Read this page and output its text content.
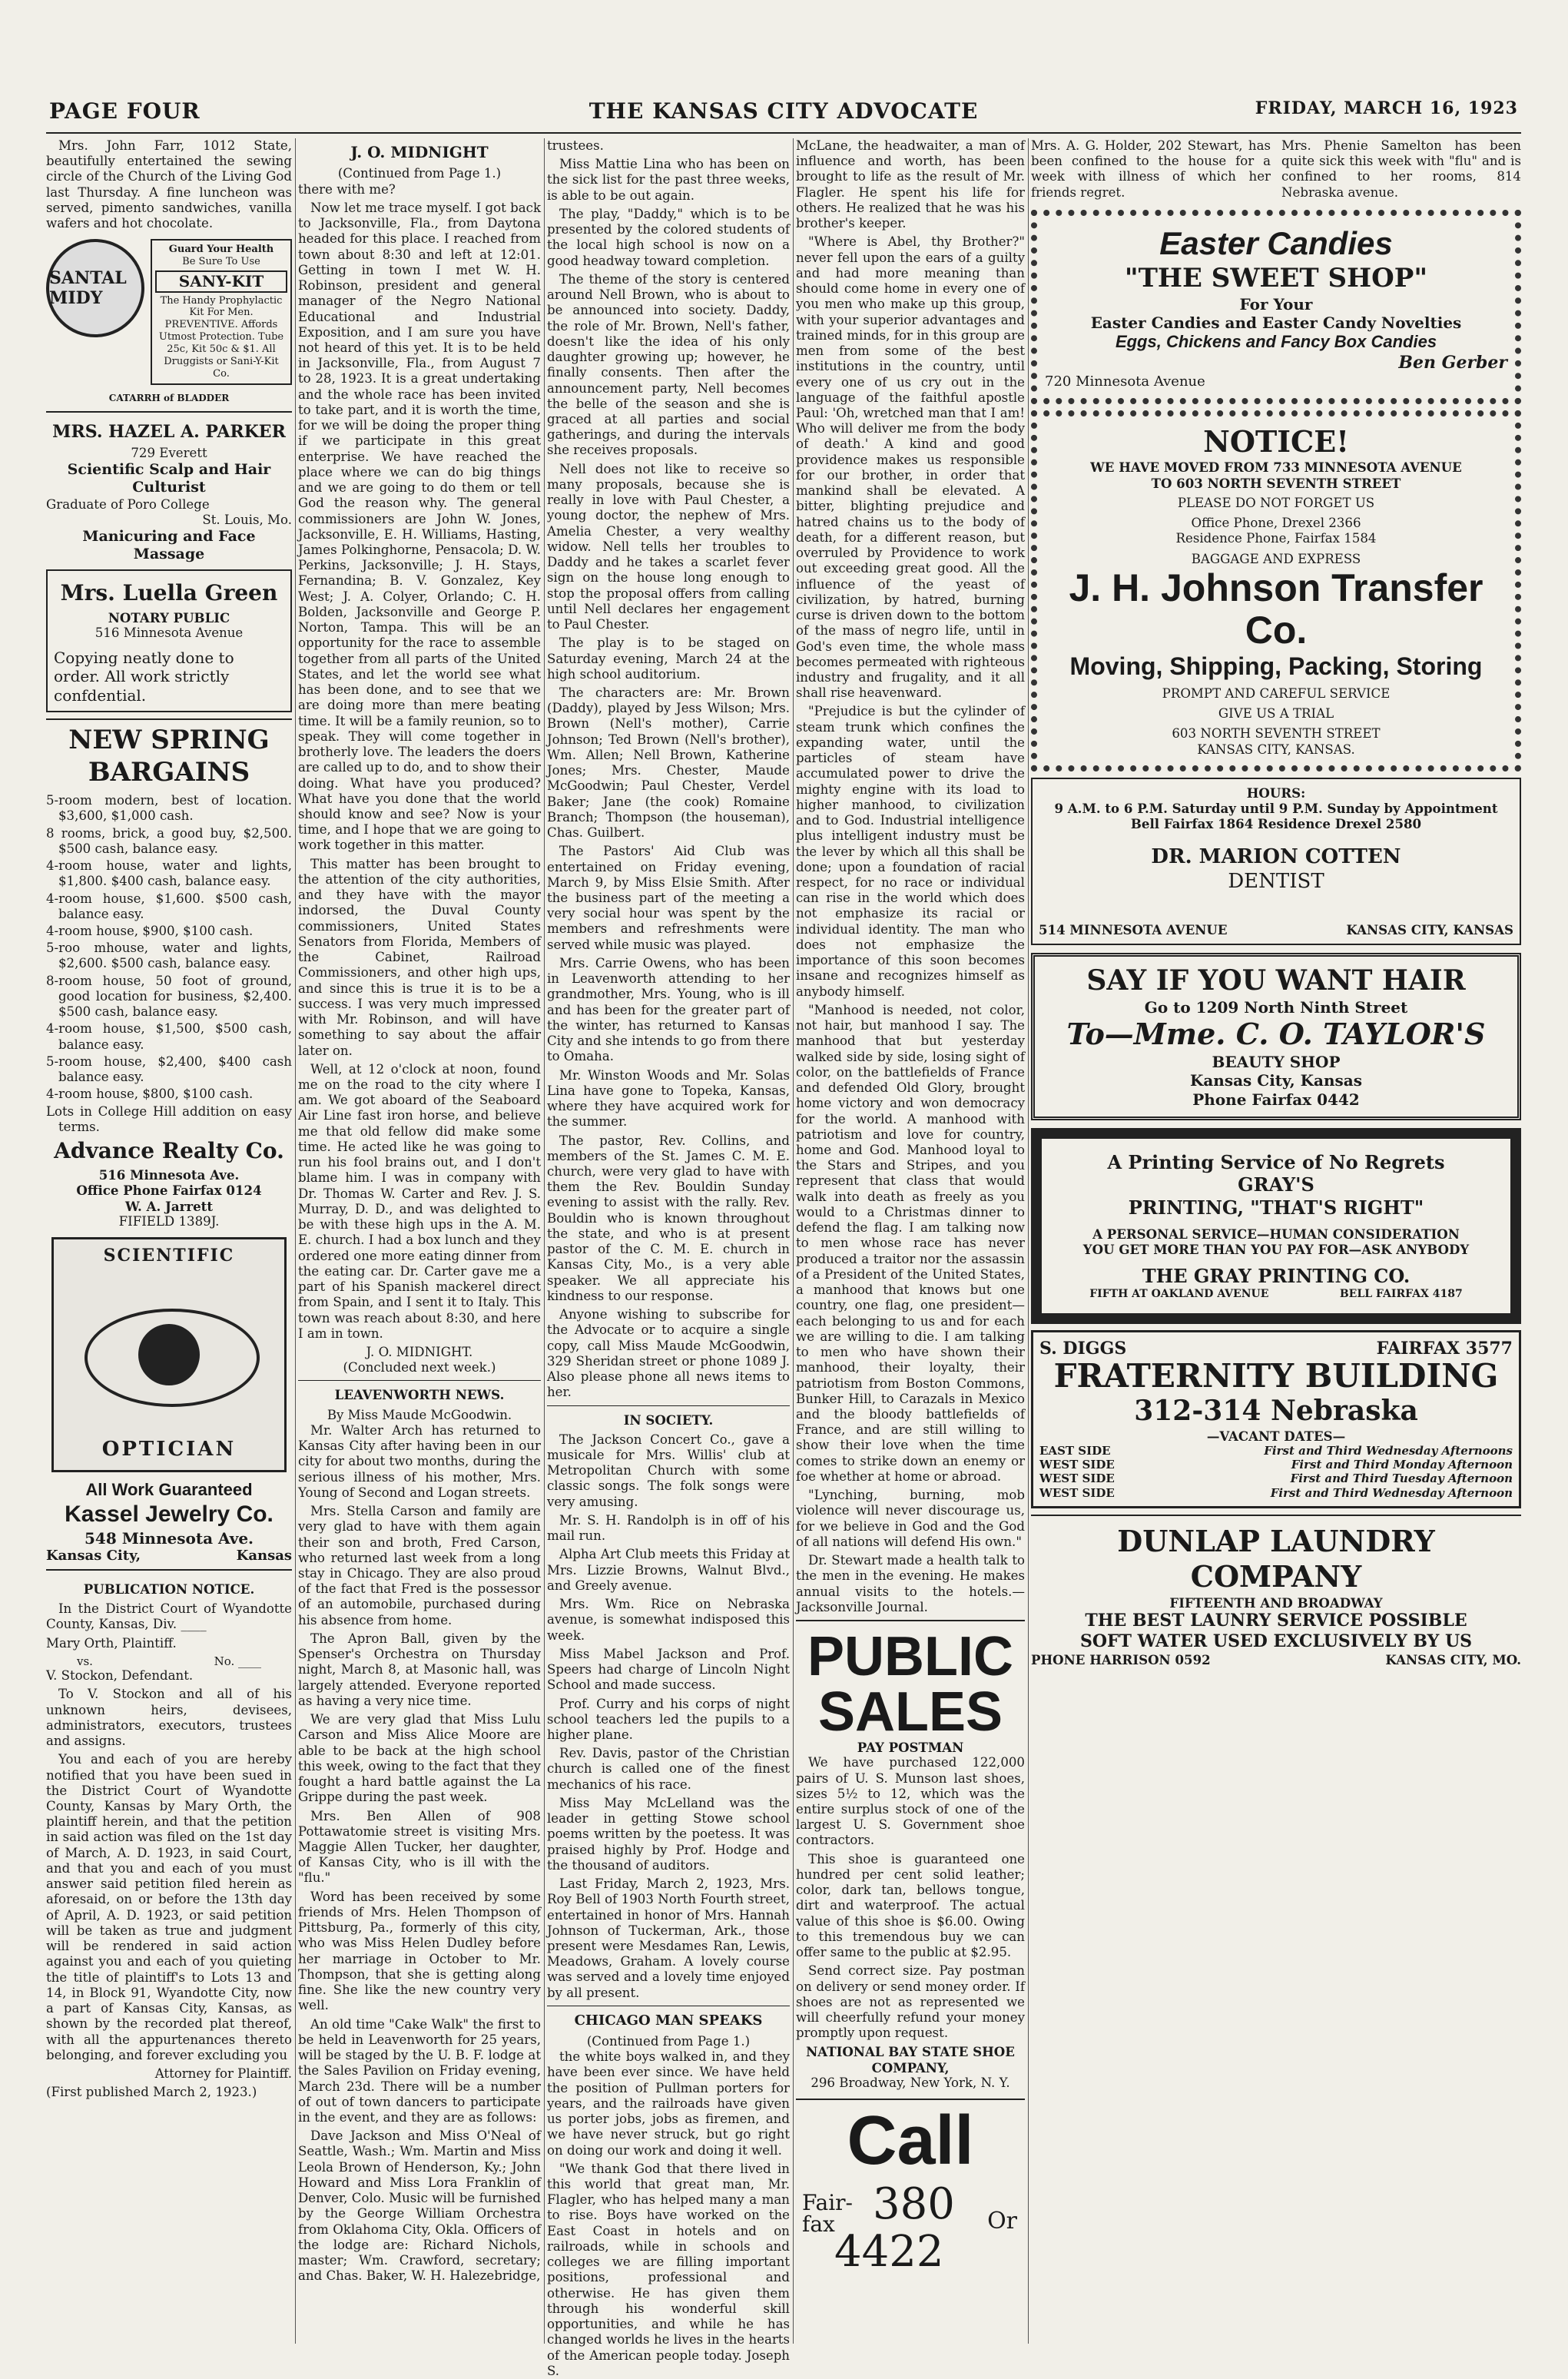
PAGE FOUR	THE KANSAS CITY ADVOCATE	FRIDAY, MARCH 16, 1923

Mrs. John Farr, 1012 State, beautifully entertained the sewing circle of the Church of the Living God last Thursday. A fine luncheon was served, pimento sandwiches, vanilla wafers and hot chocolate.

SANTAL MIDY
Guard Your Health
Be Sure To Use
SANY-KIT
The Handy Prophylactic Kit For Men. PREVENTIVE. Affords Utmost Protection. Tube 25c, Kit 50c & $1. All Druggists or Sani-Y-Kit Co.
CATARRH of BLADDER
MRS. HAZEL A. PARKER
729 Everett
Scientific Scalp and Hair Culturist
Graduate of Poro College
St. Louis, Mo.
Manicuring and Face Massage
Mrs. Luella Green
NOTARY PUBLIC
516 Minnesota Avenue
Copying neatly done to order. All work strictly confdential.
NEW SPRING BARGAINS

5-room modern, best of location. $3,600, $1,000 cash.

8 rooms, brick, a good buy, $2,500. $500 cash, balance easy.

4-room house, water and lights, $1,800. $400 cash, balance easy.

4-room house, $1,600. $500 cash, balance easy.

4-room house, $900, $100 cash.

5-roo mhouse, water and lights, $2,600. $500 cash, balance easy.

8-room house, 50 foot of ground, good location for business, $2,400. $500 cash, balance easy.

4-room house, $1,500, $500 cash, balance easy.

5-room house, $2,400, $400 cash balance easy.

4-room house, $800, $100 cash.

Lots in College Hill addition on easy terms.

Advance Realty Co.
516 Minnesota Ave.
Office Phone Fairfax 0124
W. A. Jarrett
FIFIELD 1389J.
SCIENTIFIC
OPTICIAN
All Work Guaranteed
Kassel Jewelry Co.
548 Minnesota Ave.
Kansas City,	Kansas
PUBLICATION NOTICE.

In the District Court of Wyandotte County, Kansas, Div. ____

Mary Orth, Plaintiff.

vs.	No. ____

V. Stockon, Defendant.

To V. Stockon and all of his unknown heirs, devisees, administrators, executors, trustees and assigns.

You and each of you are hereby notified that you have been sued in the District Court of Wyandotte County, Kansas by Mary Orth, the plaintiff herein, and that the petition in said action was filed on the 1st day of March, A. D. 1923, in said Court, and that you and each of you must answer said petition filed herein as aforesaid, on or before the 13th day of April, A. D. 1923, or said petition will be taken as true and judgment will be rendered in said action against you and each of you quieting the title of plaintiff's to Lots 13 and 14, in Block 91, Wyandotte City, now a part of Kansas City, Kansas, as shown by the recorded plat thereof, with all the appurtenances thereto belonging, and forever excluding you

Attorney for Plaintiff.

(First published March 2, 1923.)

J. O. MIDNIGHT
(Continued from Page 1.)

there with me?

Now let me trace myself. I got back to Jacksonville, Fla., from Daytona headed for this place. I reached from town about 8:30 and left at 12:01. Getting in town I met W. H. Robinson, president and general manager of the Negro National Educational and Industrial Exposition, and I am sure you have not heard of this yet. It is to be held in Jacksonville, Fla., from August 7 to 28, 1923. It is a great undertaking and the whole race has been invited to take part, and it is worth the time, for we will be doing the proper thing if we participate in this great enterprise. We have reached the place where we can do big things and we are going to do them or tell God the reason why. The general commissioners are John W. Jones, Jacksonville, E. H. Williams, Hasting, James Polkinghorne, Pensacola; D. W. Perkins, Jacksonville; J. H. Stays, Fernandina; B. V. Gonzalez, Key West; J. A. Colyer, Orlando; C. H. Bolden, Jacksonville and George P. Norton, Tampa. This will be an opportunity for the race to assemble together from all parts of the United States, and let the world see what has been done, and to see that we are doing more than mere beating time. It will be a family reunion, so to speak. They will come together in brotherly love. The leaders the doers are called up to do, and to show their doing. What have you produced? What have you done that the world should know and see? Now is your time, and I hope that we are going to work together in this matter.

This matter has been brought to the attention of the city authorities, and they have with the mayor indorsed, the Duval County commissioners, United States Senators from Florida, Members of the Cabinet, Railroad Commissioners, and other high ups, and since this is true it is to be a success. I was very much impressed with Mr. Robinson, and will have something to say about the affair later on.

Well, at 12 o'clock at noon, found me on the road to the city where I am. We got aboard of the Seaboard Air Line fast iron horse, and believe me that old fellow did make some time. He acted like he was going to run his fool brains out, and I don't blame him. I was in company with Dr. Thomas W. Carter and Rev. J. S. Murray, D. D., and was delighted to be with these high ups in the A. M. E. church. I had a box lunch and they ordered one more eating dinner from the eating car. Dr. Carter gave me a part of his Spanish mackerel direct from Spain, and I sent it to Italy. This town was reach about 8:30, and here I am in town.

J. O. MIDNIGHT.
(Concluded next week.)
LEAVENWORTH NEWS.
By Miss Maude McGoodwin.

Mr. Walter Arch has returned to Kansas City after having been in our city for about two months, during the serious illness of his mother, Mrs. Young of Second and Logan streets.

Mrs. Stella Carson and family are very glad to have with them again their son and broth, Fred Carson, who returned last week from a long stay in Chicago. They are also proud of the fact that Fred is the possessor of an automobile, purchased during his absence from home.

The Apron Ball, given by the Spenser's Orchestra on Thursday night, March 8, at Masonic hall, was largely attended. Everyone reported as having a very nice time.

We are very glad that Miss Lulu Carson and Miss Alice Moore are able to be back at the high school this week, owing to the fact that they fought a hard battle against the La Grippe during the past week.

Mrs. Ben Allen of 908 Pottawatomie street is visiting Mrs. Maggie Allen Tucker, her daughter, of Kansas City, who is ill with the "flu."

Word has been received by some friends of Mrs. Helen Thompson of Pittsburg, Pa., formerly of this city, who was Miss Helen Dudley before her marriage in October to Mr. Thompson, that she is getting along fine. She like the new country very well.

An old time "Cake Walk" the first to be held in Leavenworth for 25 years, will be staged by the U. B. F. lodge at the Sales Pavilion on Friday evening, March 23d. There will be a number of out of town dancers to participate in the event, and they are as follows:

Dave Jackson and Miss O'Neal of Seattle, Wash.; Wm. Martin and Miss Leola Brown of Henderson, Ky.; John Howard and Miss Lora Franklin of Denver, Colo. Music will be furnished by the George William Orchestra from Oklahoma City, Okla. Officers of the lodge are: Richard Nichols, master; Wm. Crawford, secretary; and Chas. Baker, W. H. Halezebridge,

trustees.

Miss Mattie Lina who has been on the sick list for the past three weeks, is able to be out again.

The play, "Daddy," which is to be presented by the colored students of the local high school is now on a good headway toward completion.

The theme of the story is centered around Nell Brown, who is about to be announced into society. Daddy, the role of Mr. Brown, Nell's father, doesn't like the idea of his only daughter growing up; however, he finally consents. Then after the announcement party, Nell becomes the belle of the season and she is graced at all parties and social gatherings, and during the intervals she receives proposals.

Nell does not like to receive so many proposals, because she is really in love with Paul Chester, a young doctor, the nephew of Mrs. Amelia Chester, a very wealthy widow. Nell tells her troubles to Daddy and he takes a scarlet fever sign on the house long enough to stop the proposal offers from calling until Nell declares her engagement to Paul Chester.

The play is to be staged on Saturday evening, March 24 at the high school auditorium.

The characters are: Mr. Brown (Daddy), played by Jess Wilson; Mrs. Brown (Nell's mother), Carrie Johnson; Ted Brown (Nell's brother), Wm. Allen; Nell Brown, Katherine Jones; Mrs. Chester, Maude McGoodwin; Paul Chester, Verdel Baker; Jane (the cook) Romaine Branch; Thompson (the houseman), Chas. Guilbert.

The Pastors' Aid Club was entertained on Friday evening, March 9, by Miss Elsie Smith. After the business part of the meeting a very social hour was spent by the members and refreshments were served while music was played.

Mrs. Carrie Owens, who has been in Leavenworth attending to her grandmother, Mrs. Young, who is ill and has been for the greater part of the winter, has returned to Kansas City and she intends to go from there to Omaha.

Mr. Winston Woods and Mr. Solas Lina have gone to Topeka, Kansas, where they have acquired work for the summer.

The pastor, Rev. Collins, and members of the St. James C. M. E. church, were very glad to have with them the Rev. Bouldin Sunday evening to assist with the rally. Rev. Bouldin who is known throughout the state, and who is at present pastor of the C. M. E. church in Kansas City, Mo., is a very able speaker. We all appreciate his kindness to our response.

Anyone wishing to subscribe for the Advocate or to acquire a single copy, call Miss Maude McGoodwin, 329 Sheridan street or phone 1089 J. Also please phone all news items to her.

IN SOCIETY.

The Jackson Concert Co., gave a musicale for Mrs. Willis' club at Metropolitan Church with some classic songs. The folk songs were very amusing.

Mr. S. H. Randolph is in off of his mail run.

Alpha Art Club meets this Friday at Mrs. Lizzie Browns, Walnut Blvd., and Greely avenue.

Mrs. Wm. Rice on Nebraska avenue, is somewhat indisposed this week.

Miss Mabel Jackson and Prof. Speers had charge of Lincoln Night School and made success.

Prof. Curry and his corps of night school teachers led the pupils to a higher plane.

Rev. Davis, pastor of the Christian church is called one of the finest mechanics of his race.

Miss May McLelland was the leader in getting Stowe school poems written by the poetess. It was praised highly by Prof. Hodge and the thousand of auditors.

Last Friday, March 2, 1923, Mrs. Roy Bell of 1903 North Fourth street, entertained in honor of Mrs. Hannah Johnson of Tuckerman, Ark., those present were Mesdames Ran, Lewis, Meadows, Graham. A lovely course was served and a lovely time enjoyed by all present.

CHICAGO MAN SPEAKS
(Continued from Page 1.)

the white boys walked in, and they have been ever since. We have held the position of Pullman porters for years, and the railroads have given us porter jobs, jobs as firemen, and we have never struck, but go right on doing our work and doing it well.

"We thank God that there lived in this world that great man, Mr. Flagler, who has helped many a man to rise. Boys have worked on the East Coast in hotels and on railroads, while in schools and colleges we are filling important positions, professional and otherwise. He has given them through his wonderful skill opportunities, and while he has changed worlds he lives in the hearts of the American people today. Joseph S.

McLane, the headwaiter, a man of influence and worth, has been brought to life as the result of Mr. Flagler. He spent his life for others. He realized that he was his brother's keeper.

"Where is Abel, thy Brother?" never fell upon the ears of a guilty and had more meaning than should come home in every one of you men who make up this group, with your superior advantages and trained minds, for in this group are men from some of the best institutions in the country, until every one of us cry out in the language of the faithful apostle Paul: 'Oh, wretched man that I am! Who will deliver me from the body of death.' A kind and good providence makes us responsible for our brother, in order that mankind shall be elevated. A bitter, blighting prejudice and hatred chains us to the body of death, for a different reason, but overruled by Providence to work out exceeding great good. All the influence of the yeast of civilization, by hatred, burning curse is driven down to the bottom of the mass of negro life, until in God's even time, the whole mass becomes permeated with righteous industry and frugality, and it all shall rise heavenward.

"Prejudice is but the cylinder of steam trunk which confines the expanding water, until the particles of steam have accumulated power to drive the mighty engine with its load to higher manhood, to civilization and to God. Industrial intelligence plus intelligent industry must be the lever by which all this shall be done; upon a foundation of racial respect, for no race or individual can rise in the world which does not emphasize its racial or individual identity. The man who does not emphasize the importance of this soon becomes insane and recognizes himself as anybody himself.

"Manhood is needed, not color, not hair, but manhood I say. The manhood that but yesterday walked side by side, losing sight of color, on the battlefields of France and defended Old Glory, brought home victory and won democracy for the world. A manhood with patriotism and love for country, home and God. Manhood loyal to the Stars and Stripes, and you represent that class that would walk into death as freely as you would to a Christmas dinner to defend the flag. I am talking now to men whose race has never produced a traitor nor the assassin of a President of the United States, a manhood that knows but one country, one flag, one president—each belonging to us and for each we are willing to die. I am talking to men who have shown their manhood, their loyalty, their patriotism from Boston Commons, Bunker Hill, to Carazals in Mexico and the bloody battlefields of France, and are still willing to show their love when the time comes to strike down an enemy or foe whether at home or abroad.

"Lynching, burning, mob violence will never discourage us, for we believe in God and the God of all nations will defend His own."

Dr. Stewart made a health talk to the men in the evening. He makes annual visits to the hotels.—Jacksonville Journal.

PUBLIC
SALES
PAY POSTMAN

We have purchased 122,000 pairs of U. S. Munson last shoes, sizes 5½ to 12, which was the entire surplus stock of one of the largest U. S. Government shoe contractors.

This shoe is guaranteed one hundred per cent solid leather; color, dark tan, bellows tongue, dirt and waterproof. The actual value of this shoe is $6.00. Owing to this tremendous buy we can offer same to the public at $2.95.

Send correct size. Pay postman on delivery or send money order. If shoes are not as represented we will cheerfully refund your money promptly upon request.

NATIONAL BAY STATE SHOE COMPANY,
296 Broadway, New York, N. Y.
Call
Fair-
fax 380
4422
Or

Mrs. A. G. Holder, 202 Stewart, has been confined to the house for a week with illness of which her friends regret.

Mrs. Phenie Samelton has been quite sick this week with "flu" and is confined to her rooms, 814 Nebraska avenue.

Easter Candies
"THE SWEET SHOP"
For Your
Easter Candies and Easter Candy Novelties
Eggs, Chickens and Fancy Box Candies
Ben Gerber
720 Minnesota Avenue
NOTICE!
WE HAVE MOVED FROM 733 MINNESOTA AVENUE
TO 603 NORTH SEVENTH STREET
PLEASE DO NOT FORGET US
Office Phone, Drexel 2366
Residence Phone, Fairfax 1584
BAGGAGE AND EXPRESS
J. H. Johnson Transfer Co.
Moving, Shipping, Packing, Storing
PROMPT AND CAREFUL SERVICE
GIVE US A TRIAL
603 NORTH SEVENTH STREET
KANSAS CITY, KANSAS.
HOURS:
9 A.M. to 6 P.M. Saturday until 9 P.M. Sunday by Appointment
Bell Fairfax 1864 Residence Drexel 2580
DR. MARION COTTEN
DENTIST
514 MINNESOTA AVENUE	KANSAS CITY, KANSAS
SAY IF YOU WANT HAIR
Go to 1209 North Ninth Street
To—Mme. C. O. TAYLOR'S
BEAUTY SHOP
Kansas City, Kansas
Phone Fairfax 0442
A Printing Service of No Regrets
GRAY'S
PRINTING, "THAT'S RIGHT"
A PERSONAL SERVICE—HUMAN CONSIDERATION
YOU GET MORE THAN YOU PAY FOR—ASK ANYBODY
THE GRAY PRINTING CO.
FIFTH AT OAKLAND AVENUE	BELL FAIRFAX 4187
S. DIGGS	FAIRFAX 3577
FRATERNITY BUILDING
312-314 Nebraska
—VACANT DATES—
EAST SIDE	First and Third Wednesday Afternoons
WEST SIDE	First and Third Monday Afternoon
WEST SIDE	First and Third Tuesday Afternoon
WEST SIDE	First and Third Wednesday Afternoon
DUNLAP LAUNDRY
COMPANY
FIFTEENTH AND BROADWAY
THE BEST LAUNRY SERVICE POSSIBLE
SOFT WATER USED EXCLUSIVELY BY US
PHONE HARRISON 0592	KANSAS CITY, MO.
